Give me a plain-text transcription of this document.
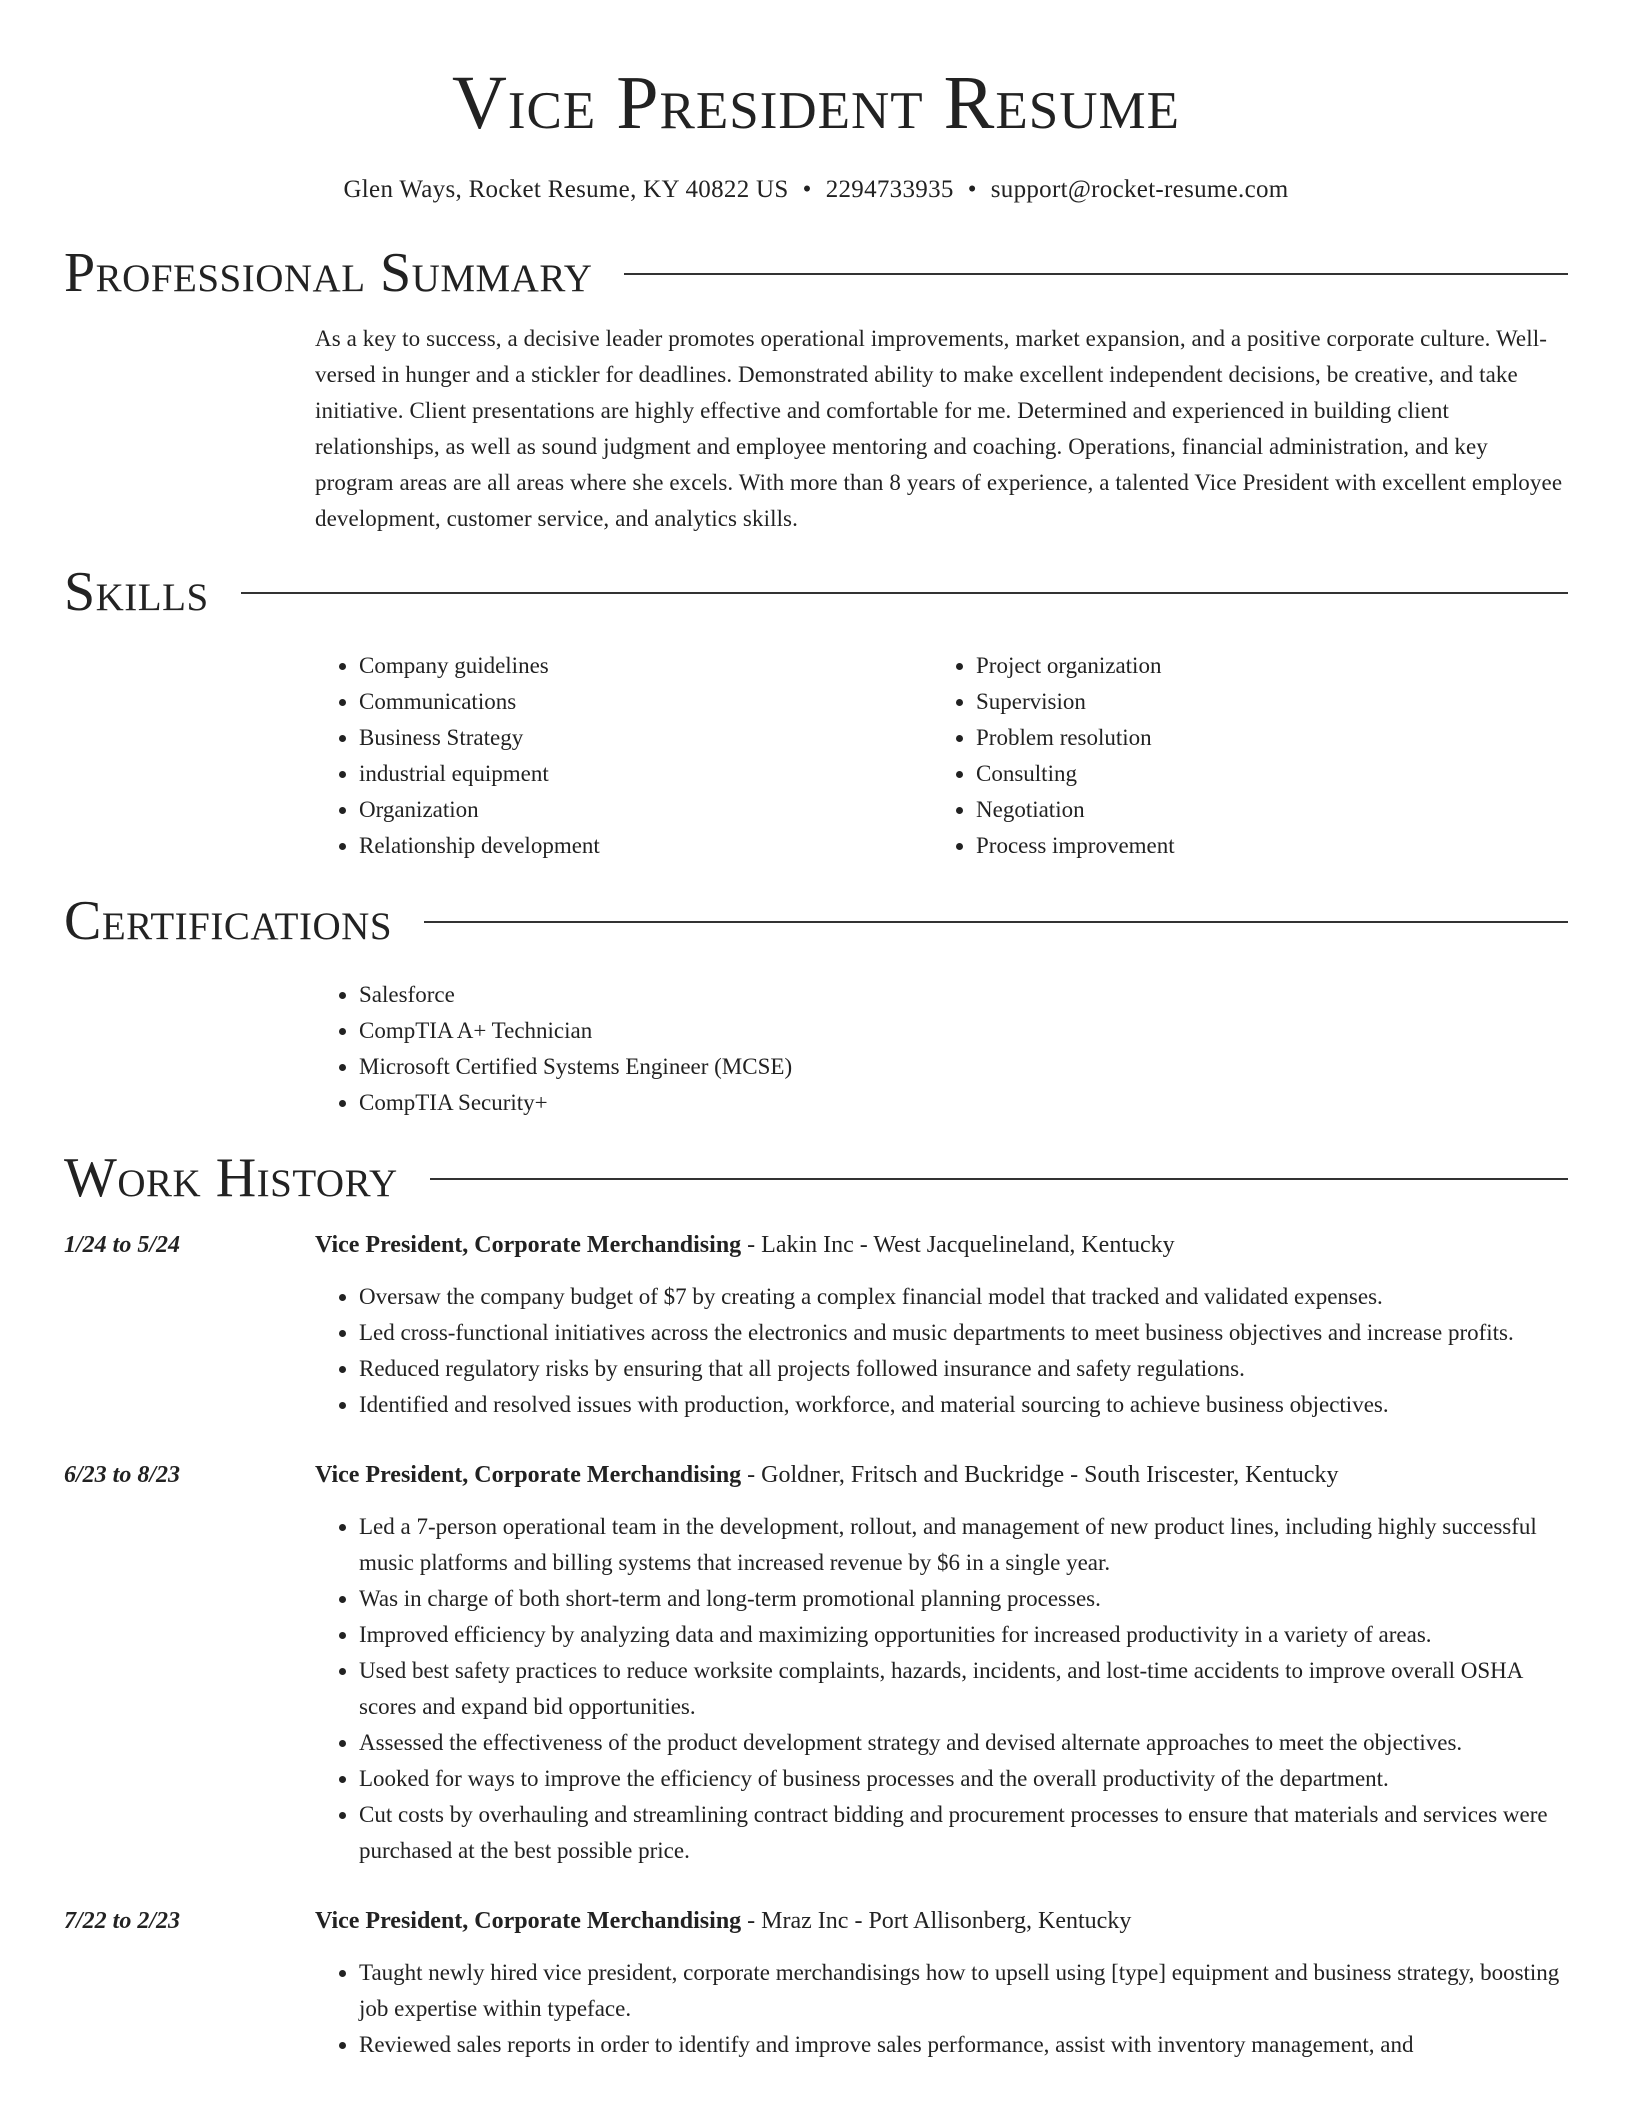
Vice President Resume
Glen Ways, Rocket Resume, KY 40822 US • 2294733935 • support@rocket-resume.com
Professional Summary

As a key to success, a decisive leader promotes operational improvements, market expansion, and a positive corporate culture. Well-versed in hunger and a stickler for deadlines. Demonstrated ability to make excellent independent decisions, be creative, and take initiative. Client presentations are highly effective and comfortable for me. Determined and experienced in building client relationships, as well as sound judgment and employee mentoring and coaching. Operations, financial administration, and key program areas are all areas where she excels. With more than 8 years of experience, a talented Vice President with excellent employee development, customer service, and analytics skills.

Skills
• Company guidelines
• Communications
• Business Strategy
• industrial equipment
• Organization
• Relationship development
• Project organization
• Supervision
• Problem resolution
• Consulting
• Negotiation
• Process improvement
Certifications
• Salesforce
• CompTIA A+ Technician
• Microsoft Certified Systems Engineer (MCSE)
• CompTIA Security+
Work History
1/24 to 5/24	Vice President, Corporate Merchandising - Lakin Inc - West Jacquelineland, Kentucky
• Oversaw the company budget of $7 by creating a complex financial model that tracked and validated expenses.
• Led cross-functional initiatives across the electronics and music departments to meet business objectives and increase profits.
• Reduced regulatory risks by ensuring that all projects followed insurance and safety regulations.
• Identified and resolved issues with production, workforce, and material sourcing to achieve business objectives.
6/23 to 8/23	Vice President, Corporate Merchandising - Goldner, Fritsch and Buckridge - South Iriscester, Kentucky
• Led a 7-person operational team in the development, rollout, and management of new product lines, including highly successful music platforms and billing systems that increased revenue by $6 in a single year.
• Was in charge of both short-term and long-term promotional planning processes.
• Improved efficiency by analyzing data and maximizing opportunities for increased productivity in a variety of areas.
• Used best safety practices to reduce worksite complaints, hazards, incidents, and lost-time accidents to improve overall OSHA scores and expand bid opportunities.
• Assessed the effectiveness of the product development strategy and devised alternate approaches to meet the objectives.
• Looked for ways to improve the efficiency of business processes and the overall productivity of the department.
• Cut costs by overhauling and streamlining contract bidding and procurement processes to ensure that materials and services were purchased at the best possible price.
7/22 to 2/23	Vice President, Corporate Merchandising - Mraz Inc - Port Allisonberg, Kentucky
• Taught newly hired vice president, corporate merchandisings how to upsell using [type] equipment and business strategy, boosting job expertise within typeface.
• Reviewed sales reports in order to identify and improve sales performance, assist with inventory management, and
